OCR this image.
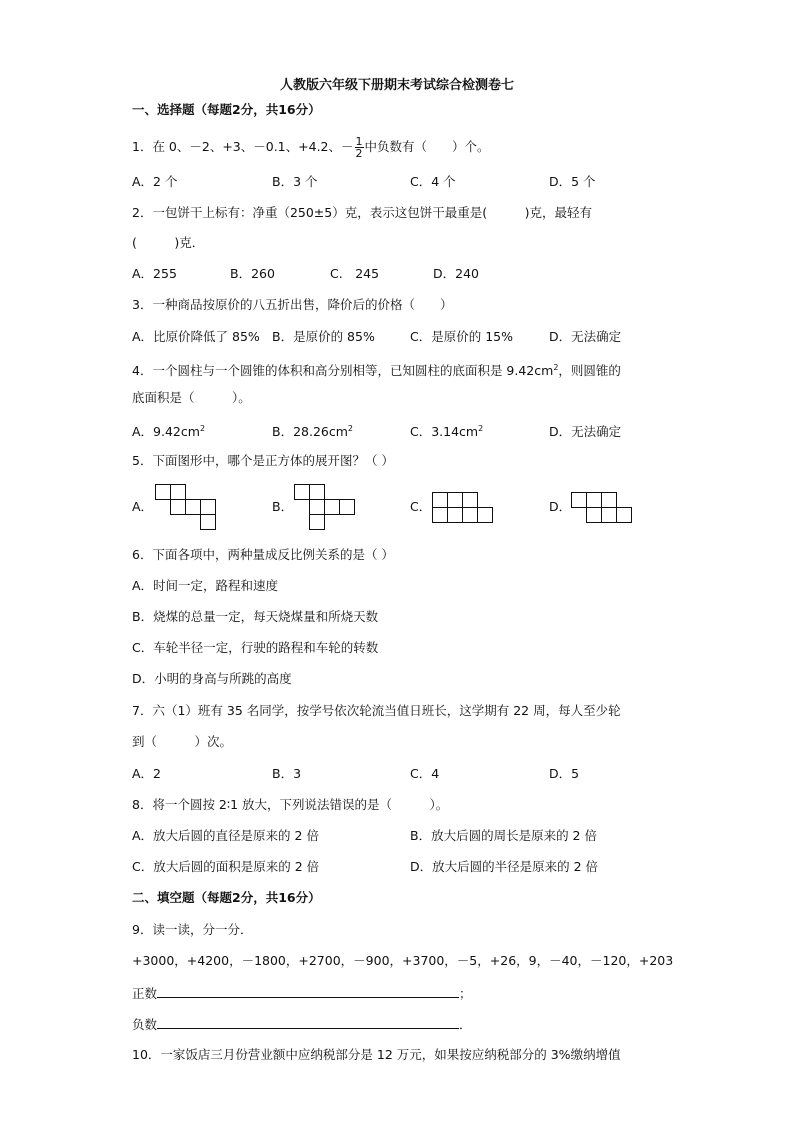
人教版六年级下册期末考试综合检测卷七
一、选择题（每题2分，共16分）
1．在 0、－2、+3、－0.1、+4.2、－ $\frac{1}{2}$ 中负数有（　　）个。
A．2 个	B．3 个	C．4 个	D．5 个
2．一包饼干上标有：净重（250±5）克，表示这包饼干最重是(　　　)克，最轻有
(　　　)克．
A．255	B．260	C.　245	D．240
3．一种商品按原价的八五折出售，降价后的价格（　　）
A．比原价降低了 85% B．是原价的 85%	C．是原价的 15%	D．无法确定
4．一个圆柱与一个圆锥的体积和高分别相等，已知圆柱的底面积是 $9.42cm^2$，则圆锥的
底面积是（　　　）。
A．$9.42cm^2$	B．$28.26cm^2$	C．$3.14cm^2$	D．无法确定
5．下面图形中，哪个是正方体的展开图？（ ）
A．	B．	C．	D．
6．下面各项中，两种量成反比例关系的是（ ）
A．时间一定，路程和速度
B．烧煤的总量一定，每天烧煤量和所烧天数
C．车轮半径一定，行驶的路程和车轮的转数
D．小明的身高与所跳的高度
7．六（1）班有 35 名同学，按学号依次轮流当值日班长，这学期有 22 周，每人至少轮
到（　　　）次。
A．2	B．3	C．4	D．5
8．将一个圆按 2∶1 放大，下列说法错误的是（　　　）。
A．放大后圆的直径是原来的 2 倍	B．放大后圆的周长是原来的 2 倍
C．放大后圆的面积是原来的 2 倍	D．放大后圆的半径是原来的 2 倍
二、填空题（每题2分，共16分）
9．读一读，分一分．
+3000，+4200，－1800，+2700，－900，+3700，－5，+26，9，－40，－120，+203
正数	；
负数	．
10．一家饭店三月份营业额中应纳税部分是 12 万元，如果按应纳税部分的 3%缴纳增值
